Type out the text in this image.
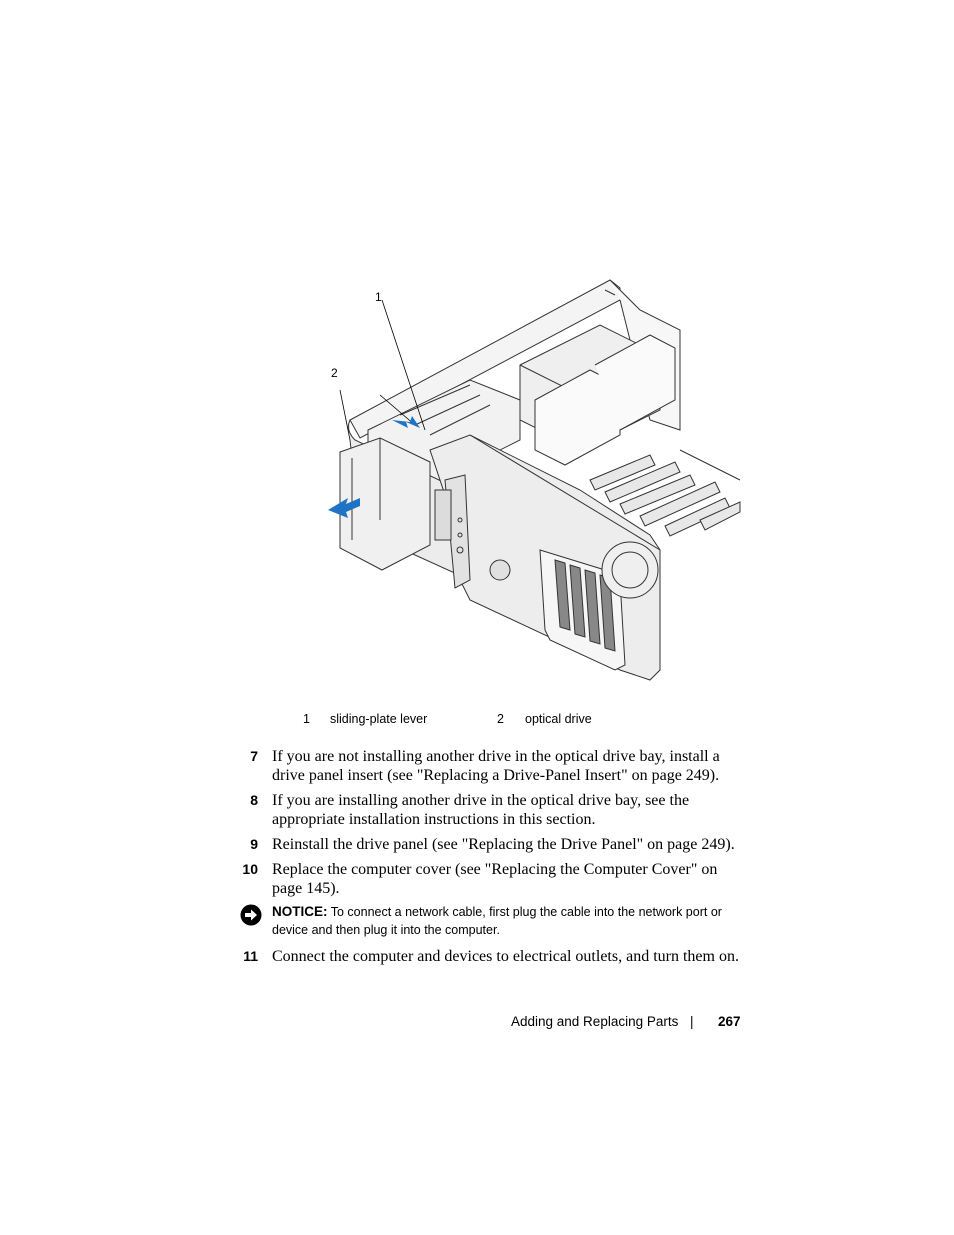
1
2
1 sliding-plate lever	2 optical drive
7 If you are not installing another drive in the optical drive bay, install a drive panel insert (see "Replacing a Drive-Panel Insert" on page 249).
8 If you are installing another drive in the optical drive bay, see the appropriate installation instructions in this section.
9 Reinstall the drive panel (see "Replacing the Drive Panel" on page 249).
10 Replace the computer cover (see "Replacing the Computer Cover" on page 145).
NOTICE: To connect a network cable, first plug the cable into the network port or device and then plug it into the computer.
11 Connect the computer and devices to electrical outlets, and turn them on.
Adding and Replacing Parts | 267
